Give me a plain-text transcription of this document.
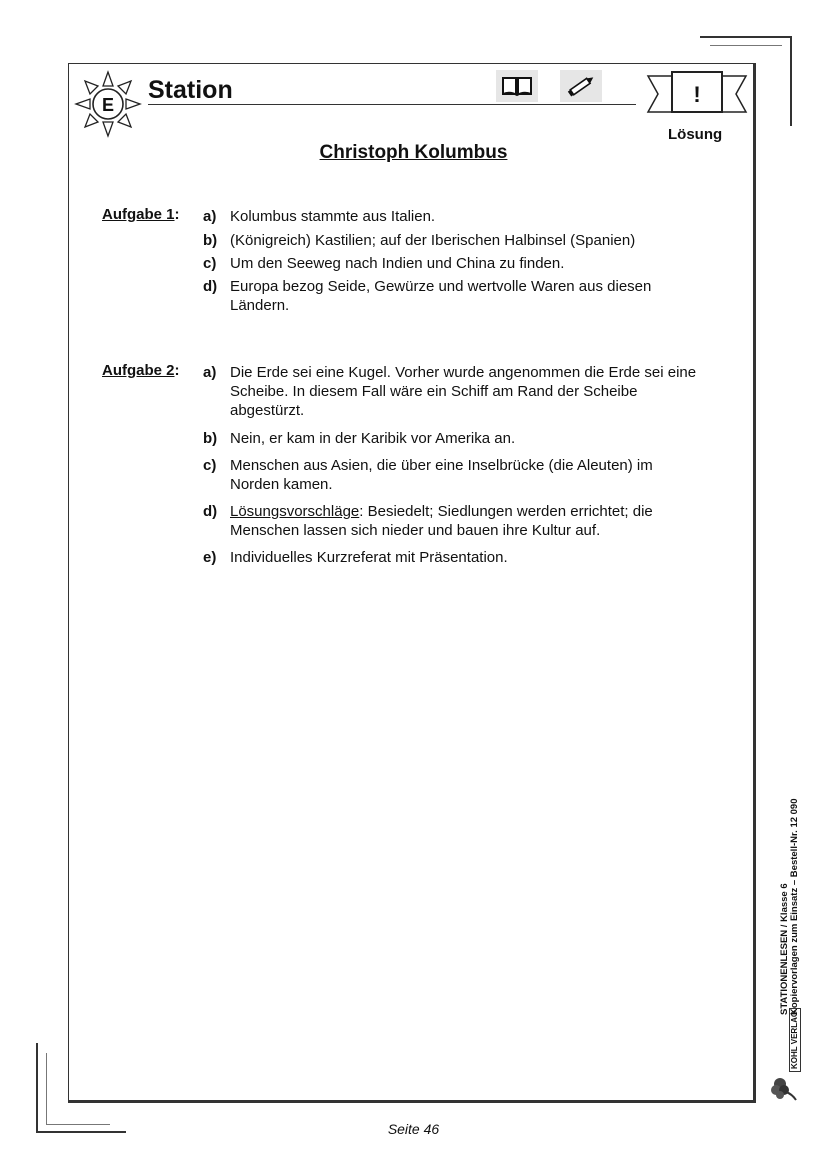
E
Station	!
Lösung
Christoph Kolumbus
Aufgabe 1: a) Kolumbus stammte aus Italien.
b) (Königreich) Kastilien; auf der Iberischen Halbinsel (Spanien)
c) Um den Seeweg nach Indien und China zu finden.
d) Europa bezog Seide, Gewürze und wertvolle Waren aus diesen Ländern.
Aufgabe 2: a) Die Erde sei eine Kugel. Vorher wurde angenommen die Erde sei eine Scheibe. In diesem Fall wäre ein Schiff am Rand der Scheibe abgestürzt.
b) Nein, er kam in der Karibik vor Amerika an.
c) Menschen aus Asien, die über eine Inselbrücke (die Aleuten) im Norden kamen.
d) Lösungsvorschläge: Besiedelt; Siedlungen werden errichtet; die Menschen lassen sich nieder und bauen ihre Kultur auf.
e) Individuelles Kurzreferat mit Präsentation.
STATIONENLESEN / Klasse 6 Kopiervorlagen zum Einsatz – Bestell-Nr. 12 090
KOHL VERLAG
Seite 46
